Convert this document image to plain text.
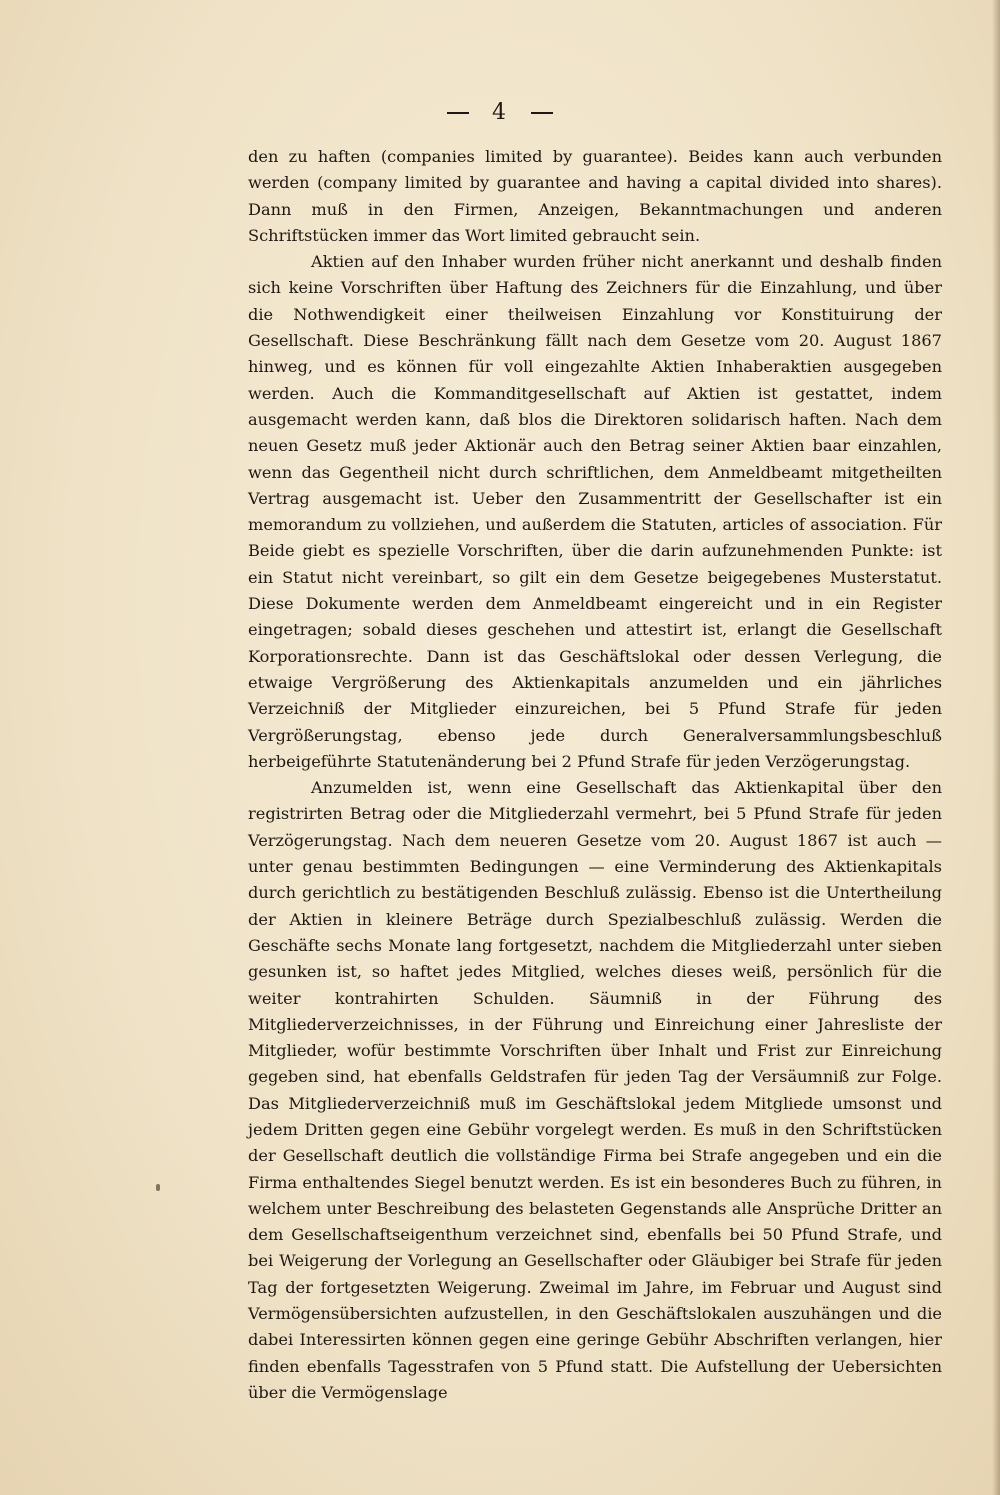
4

den zu haften (companies limited by guarantee). Beides kann auch verbunden werden (company limited by guarantee and having a capital divided into shares). Dann muß in den Firmen, Anzeigen, Bekanntmachungen und anderen Schriftstücken immer das Wort limited gebraucht sein.

Aktien auf den Inhaber wurden früher nicht anerkannt und deshalb finden sich keine Vorschriften über Haftung des Zeichners für die Einzahlung, und über die Nothwendigkeit einer theilweisen Einzahlung vor Konstituirung der Gesellschaft. Diese Beschränkung fällt nach dem Gesetze vom 20. August 1867 hinweg, und es können für voll eingezahlte Aktien Inhaberaktien ausgegeben werden. Auch die Kommanditgesellschaft auf Aktien ist gestattet, indem ausgemacht werden kann, daß blos die Direktoren solidarisch haften. Nach dem neuen Gesetz muß jeder Aktionär auch den Betrag seiner Aktien baar einzahlen, wenn das Gegentheil nicht durch schriftlichen, dem Anmeldbeamt mitgetheilten Vertrag ausgemacht ist. Ueber den Zusammentritt der Gesellschafter ist ein memorandum zu vollziehen, und außerdem die Statuten, articles of association. Für Beide giebt es spezielle Vorschriften, über die darin aufzunehmenden Punkte: ist ein Statut nicht vereinbart, so gilt ein dem Gesetze beigegebenes Musterstatut. Diese Dokumente werden dem Anmeldbeamt eingereicht und in ein Register eingetragen; sobald dieses geschehen und attestirt ist, erlangt die Gesellschaft Korporationsrechte. Dann ist das Geschäftslokal oder dessen Verlegung, die etwaige Vergrößerung des Aktienkapitals anzumelden und ein jährliches Verzeichniß der Mitglieder einzureichen, bei 5 Pfund Strafe für jeden Vergrößerungstag, ebenso jede durch Generalversammlungsbeschluß herbeigeführte Statutenänderung bei 2 Pfund Strafe für jeden Verzögerungstag.

Anzumelden ist, wenn eine Gesellschaft das Aktienkapital über den registrirten Betrag oder die Mitgliederzahl vermehrt, bei 5 Pfund Strafe für jeden Verzögerungstag. Nach dem neueren Gesetze vom 20. August 1867 ist auch — unter genau bestimmten Bedingungen — eine Verminderung des Aktienkapitals durch gerichtlich zu bestätigenden Beschluß zulässig. Ebenso ist die Untertheilung der Aktien in kleinere Beträge durch Spezialbeschluß zulässig. Werden die Geschäfte sechs Monate lang fortgesetzt, nachdem die Mitgliederzahl unter sieben gesunken ist, so haftet jedes Mitglied, welches dieses weiß, persönlich für die weiter kontrahirten Schulden. Säumniß in der Führung des Mitgliederverzeichnisses, in der Führung und Einreichung einer Jahresliste der Mitglieder, wofür bestimmte Vorschriften über Inhalt und Frist zur Einreichung gegeben sind, hat ebenfalls Geldstrafen für jeden Tag der Versäumniß zur Folge. Das Mitgliederverzeichniß muß im Geschäftslokal jedem Mitgliede umsonst und jedem Dritten gegen eine Gebühr vorgelegt werden. Es muß in den Schriftstücken der Gesellschaft deutlich die vollständige Firma bei Strafe angegeben und ein die Firma enthaltendes Siegel benutzt werden. Es ist ein besonderes Buch zu führen, in welchem unter Beschreibung des belasteten Gegenstands alle Ansprüche Dritter an dem Gesellschaftseigenthum verzeichnet sind, ebenfalls bei 50 Pfund Strafe, und bei Weigerung der Vorlegung an Gesellschafter oder Gläubiger bei Strafe für jeden Tag der fortgesetzten Weigerung. Zweimal im Jahre, im Februar und August sind Vermögensübersichten aufzustellen, in den Geschäftslokalen auszuhängen und die dabei Interessirten können gegen eine geringe Gebühr Abschriften verlangen, hier finden ebenfalls Tagesstrafen von 5 Pfund statt. Die Aufstellung der Uebersichten über die Vermögenslage
